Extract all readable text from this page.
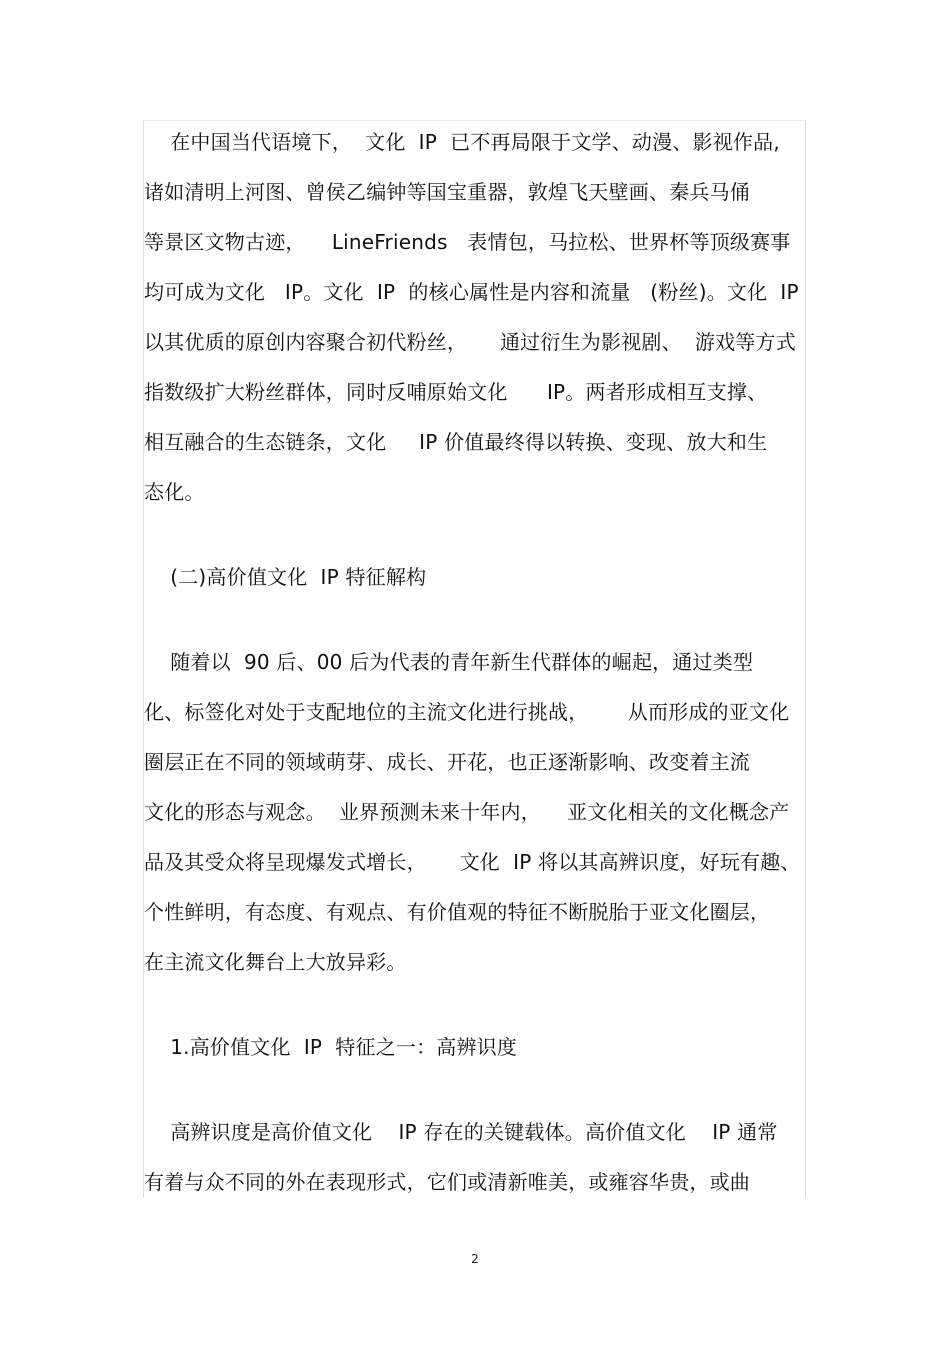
在中国当代语境下，  文化  IP  已不再局限于文学、动漫、影视作品,
诸如清明上河图、曾侯乙编钟等国宝重器，敦煌飞天壁画、秦兵马俑
等景区文物古迹，    LineFriends   表情包，马拉松、世界杯等顶级赛事
均可成为文化   IP。文化  IP  的核心属性是内容和流量   (粉丝)。文化  IP
以其优质的原创内容聚合初代粉丝，     通过衍生为影视剧、  游戏等方式
指数级扩大粉丝群体，同时反哺原始文化      IP。两者形成相互支撑、
相互融合的生态链条，文化     IP 价值最终得以转换、变现、放大和生
态化。
(二)高价值文化  IP 特征解构
随着以  90 后、00 后为代表的青年新生代群体的崛起，通过类型
化、标签化对处于支配地位的主流文化进行挑战，      从而形成的亚文化
圈层正在不同的领域萌芽、成长、开花，也正逐渐影响、改变着主流
文化的形态与观念。  业界预测未来十年内，    亚文化相关的文化概念产
品及其受众将呈现爆发式增长，     文化  IP 将以其高辨识度，好玩有趣、
个性鲜明，有态度、有观点、有价值观的特征不断脱胎于亚文化圈层，
在主流文化舞台上大放异彩。
1.高价值文化  IP  特征之一：高辨识度
高辨识度是高价值文化    IP 存在的关键载体。高价值文化    IP 通常
有着与众不同的外在表现形式，它们或清新唯美，或雍容华贵，或曲
2
